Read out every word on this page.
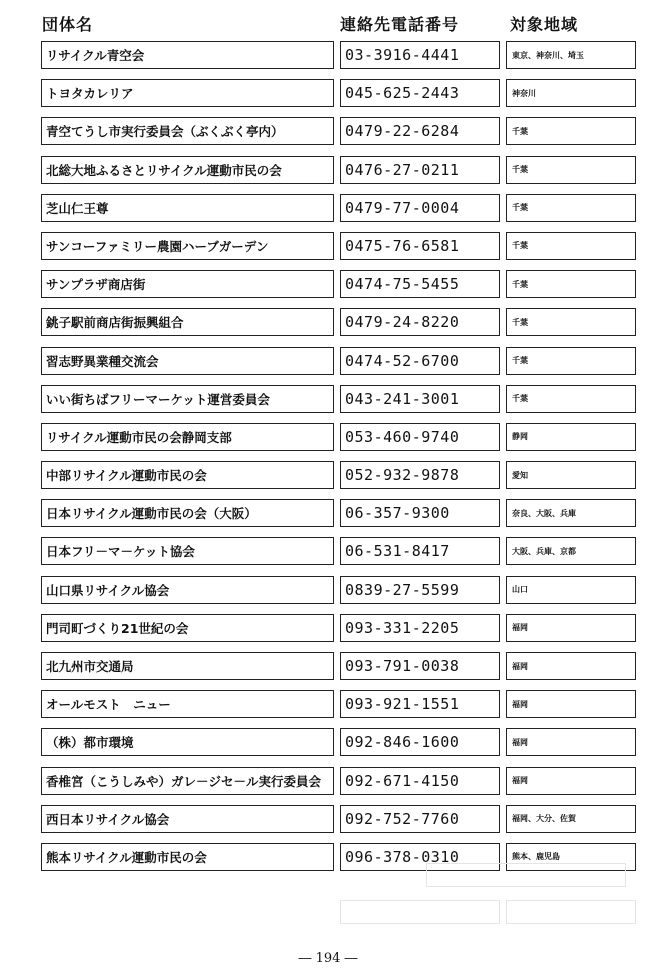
団体名	連絡先電話番号	対象地域
リサイクル青空会	03-3916-4441	東京、神奈川、埼玉
トヨタカレリア	045-625-2443	神奈川
青空てうし市実行委員会（ぶくぶく亭内）	0479-22-6284	千葉
北総大地ふるさとリサイクル運動市民の会	0476-27-0211	千葉
芝山仁王尊	0479-77-0004	千葉
サンコーファミリー農園ハーブガーデン	0475-76-6581	千葉
サンプラザ商店街	0474-75-5455	千葉
銚子駅前商店街振興組合	0479-24-8220	千葉
習志野異業種交流会	0474-52-6700	千葉
いい街ちばフリーマーケット運営委員会	043-241-3001	千葉
リサイクル運動市民の会静岡支部	053-460-9740	静岡
中部リサイクル運動市民の会	052-932-9878	愛知
日本リサイクル運動市民の会（大阪）	06-357-9300	奈良、大阪、兵庫
日本フリ－マ－ケット協会	06-531-8417	大阪、兵庫、京都
山口県リサイクル協会	0839-27-5599	山口
門司町づくり21世紀の会	093-331-2205	福岡
北九州市交通局	093-791-0038	福岡
オールモスト　ニュー	093-921-1551	福岡
（株）都市環境	092-846-1600	福岡
香椎宮（こうしみや）ガレ－ジセ－ル実行委員会	092-671-4150	福岡
西日本リサイクル協会	092-752-7760	福岡、大分、佐賀
熊本リサイクル運動市民の会	096-378-0310	熊本、鹿児島
― 194 ―
